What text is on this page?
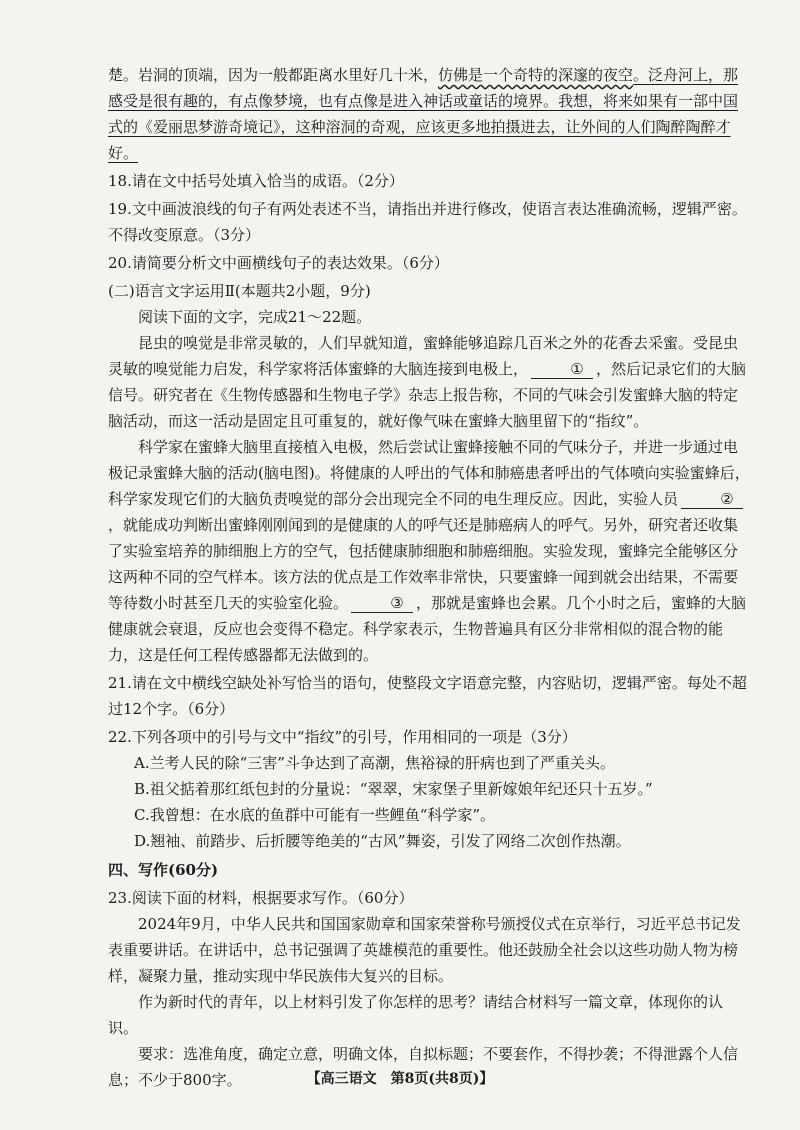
楚。岩洞的顶端，因为一般都距离水里好几十米，仿佛是一个奇特的深邃的夜空。泛舟河上，那感受是很有趣的，有点像梦境，也有点像是进入神话或童话的境界。我想，将来如果有一部中国式的《爱丽思梦游奇境记》，这种溶洞的奇观，应该更多地拍摄进去，让外间的人们陶醉陶醉才好。

18.请在文中括号处填入恰当的成语。（2分）

19.文中画波浪线的句子有两处表述不当，请指出并进行修改，使语言表达准确流畅，逻辑严密。不得改变原意。（3分）

20.请简要分析文中画横线句子的表达效果。（6分）

(二)语言文字运用Ⅱ(本题共2小题，9分)

阅读下面的文字，完成21～22题。

昆虫的嗅觉是非常灵敏的，人们早就知道，蜜蜂能够追踪几百米之外的花香去采蜜。受昆虫灵敏的嗅觉能力启发，科学家将活体蜜蜂的大脑连接到电极上，	① ，然后记录它们的大脑信号。研究者在《生物传感器和生物电子学》杂志上报告称，不同的气味会引发蜜蜂大脑的特定脑活动，而这一活动是固定且可重复的，就好像气味在蜜蜂大脑里留下的“指纹”。

科学家在蜜蜂大脑里直接植入电极，然后尝试让蜜蜂接触不同的气味分子，并进一步通过电极记录蜜蜂大脑的活动(脑电图)。将健康的人呼出的气体和肺癌患者呼出的气体喷向实验蜜蜂后，科学家发现它们的大脑负责嗅觉的部分会出现完全不同的电生理反应。因此，实验人员	②，就能成功判断出蜜蜂刚刚闻到的是健康的人的呼气还是肺癌病人的呼气。另外，研究者还收集了实验室培养的肺细胞上方的空气，包括健康肺细胞和肺癌细胞。实验发现，蜜蜂完全能够区分这两种不同的空气样本。该方法的优点是工作效率非常快，只要蜜蜂一闻到就会出结果，不需要等待数小时甚至几天的实验室化验。	③ ，那就是蜜蜂也会累。几个小时之后，蜜蜂的大脑健康就会衰退，反应也会变得不稳定。科学家表示，生物普遍具有区分非常相似的混合物的能力，这是任何工程传感器都无法做到的。

21.请在文中横线空缺处补写恰当的语句，使整段文字语意完整，内容贴切，逻辑严密。每处不超过12个字。（6分）

22.下列各项中的引号与文中“指纹”的引号，作用相同的一项是（3分）

A.兰考人民的除“三害”斗争达到了高潮，焦裕禄的肝病也到了严重关头。

B.祖父掂着那红纸包封的分量说：“翠翠，宋家堡子里新嫁娘年纪还只十五岁。”

C.我曾想：在水底的鱼群中可能有一些鲤鱼“科学家”。

D.翘袖、前踏步、后折腰等绝美的“古风”舞姿，引发了网络二次创作热潮。

四、写作(60分)

23.阅读下面的材料，根据要求写作。（60分）

2024年9月，中华人民共和国国家勋章和国家荣誉称号颁授仪式在京举行，习近平总书记发表重要讲话。在讲话中，总书记强调了英雄模范的重要性。他还鼓励全社会以这些功勋人物为榜样，凝聚力量，推动实现中华民族伟大复兴的目标。

作为新时代的青年，以上材料引发了你怎样的思考？请结合材料写一篇文章，体现你的认识。

要求：选准角度，确定立意，明确文体，自拟标题；不要套作，不得抄袭；不得泄露个人信息；不少于800字。	【高三语文　第8页(共8页)】
